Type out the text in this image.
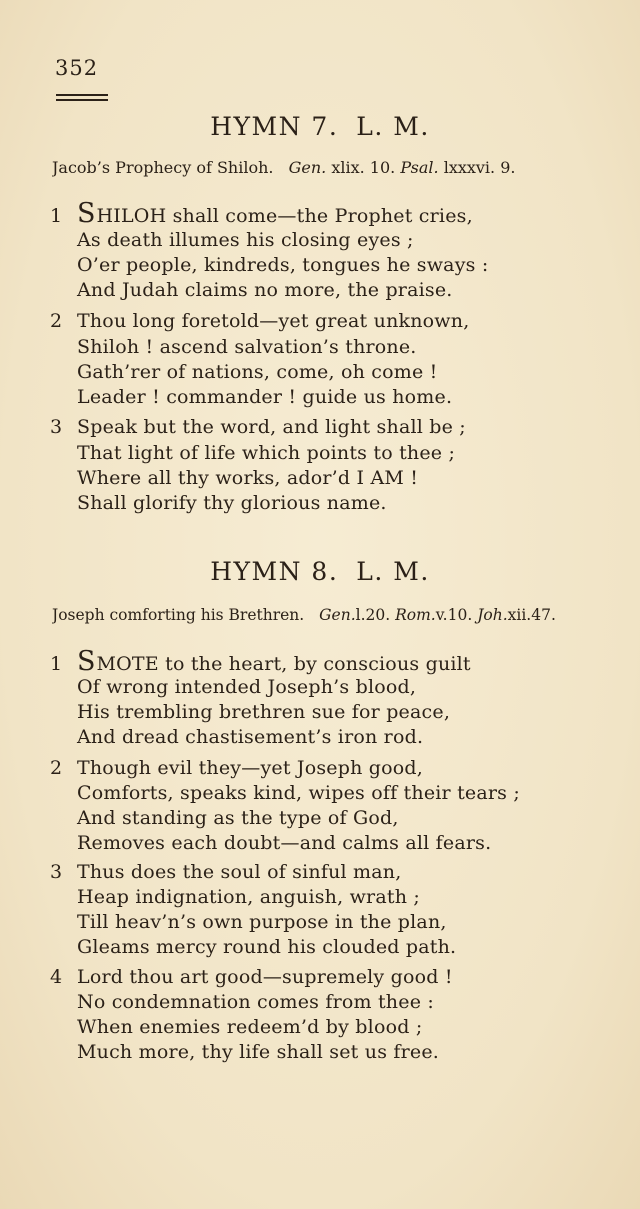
352
HYMN 7. L. M.
Jacob’s Prophecy of Shiloh. Gen. xlix. 10. Psal. lxxxvi. 9.
1 SHILOH shall come—the Prophet cries,
As death illumes his closing eyes ;
O’er people, kindreds, tongues he sways :
And Judah claims no more, the praise.
2 Thou long foretold—yet great unknown,
Shiloh ! ascend salvation’s throne.
Gath’rer of nations, come, oh come !
Leader ! commander ! guide us home.
3 Speak but the word, and light shall be ;
That light of life which points to thee ;
Where all thy works, ador’d I AM !
Shall glorify thy glorious name.
HYMN 8. L. M.
Joseph comforting his Brethren. Gen.l.20. Rom.v.10. Joh.xii.47.
1 SMOTE to the heart, by conscious guilt
Of wrong intended Joseph’s blood,
His trembling brethren sue for peace,
And dread chastisement’s iron rod.
2 Though evil they—yet Joseph good,
Comforts, speaks kind, wipes off their tears ;
And standing as the type of God,
Removes each doubt—and calms all fears.
3 Thus does the soul of sinful man,
Heap indignation, anguish, wrath ;
Till heav’n’s own purpose in the plan,
Gleams mercy round his clouded path.
4 Lord thou art good—supremely good !
No condemnation comes from thee :
When enemies redeem’d by blood ;
Much more, thy life shall set us free.
